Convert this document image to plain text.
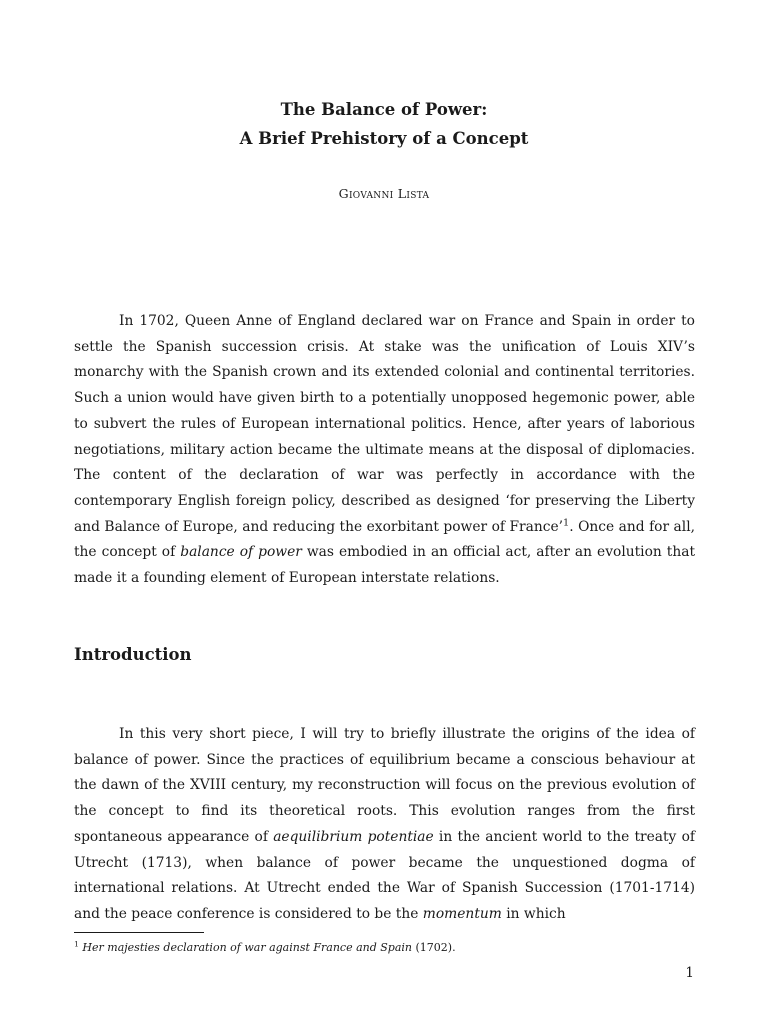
The Balance of Power:
A Brief Prehistory of a Concept
Giovanni Lista

In 1702, Queen Anne of England declared war on France and Spain in order to settle the Spanish succession crisis. At stake was the unification of Louis XIV’s monarchy with the Spanish crown and its extended colonial and continental territories. Such a union would have given birth to a potentially unopposed hegemonic power, able to subvert the rules of European international politics. Hence, after years of laborious negotiations, military action became the ultimate means at the disposal of diplomacies. The content of the declaration of war was perfectly in accordance with the contemporary English foreign policy, described as designed ‘for preserving the Liberty and Balance of Europe, and reducing the exorbitant power of France’$^1$. Once and for all, the concept of balance of power was embodied in an official act, after an evolution that made it a founding element of European interstate relations.

Introduction

In this very short piece, I will try to briefly illustrate the origins of the idea of balance of power. Since the practices of equilibrium became a conscious behaviour at the dawn of the XVIII century, my reconstruction will focus on the previous evolution of the concept to find its theoretical roots. This evolution ranges from the first spontaneous appearance of aequilibrium potentiae in the ancient world to the treaty of Utrecht (1713), when balance of power became the unquestioned dogma of international relations. At Utrecht ended the War of Spanish Succession (1701-1714) and the peace conference is considered to be the momentum in which

$^1$ Her majesties declaration of war against France and Spain (1702).

1
